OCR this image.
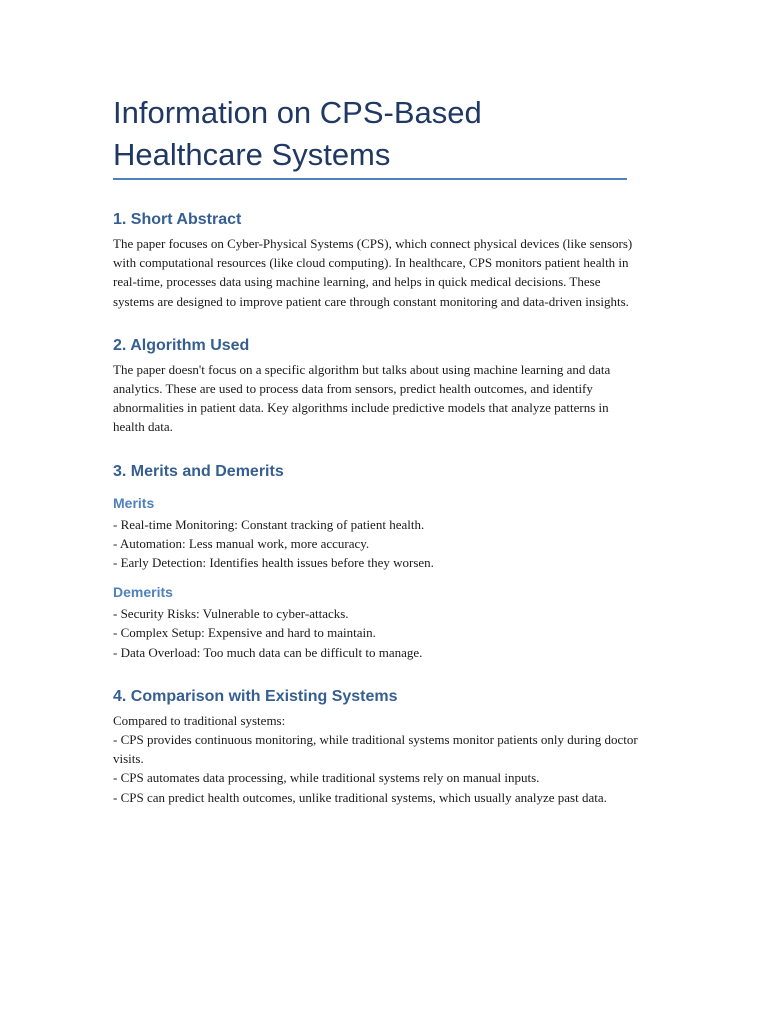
Information on CPS-Based Healthcare Systems
1. Short Abstract

The paper focuses on Cyber-Physical Systems (CPS), which connect physical devices (like sensors) with computational resources (like cloud computing). In healthcare, CPS monitors patient health in real-time, processes data using machine learning, and helps in quick medical decisions. These systems are designed to improve patient care through constant monitoring and data-driven insights.

2. Algorithm Used

The paper doesn't focus on a specific algorithm but talks about using machine learning and data analytics. These are used to process data from sensors, predict health outcomes, and identify abnormalities in patient data. Key algorithms include predictive models that analyze patterns in health data.

3. Merits and Demerits
Merits

- Real-time Monitoring: Constant tracking of patient health.

- Automation: Less manual work, more accuracy.

- Early Detection: Identifies health issues before they worsen.

Demerits

- Security Risks: Vulnerable to cyber-attacks.

- Complex Setup: Expensive and hard to maintain.

- Data Overload: Too much data can be difficult to manage.

4. Comparison with Existing Systems

Compared to traditional systems:

- CPS provides continuous monitoring, while traditional systems monitor patients only during doctor visits.

- CPS automates data processing, while traditional systems rely on manual inputs.

- CPS can predict health outcomes, unlike traditional systems, which usually analyze past data.
